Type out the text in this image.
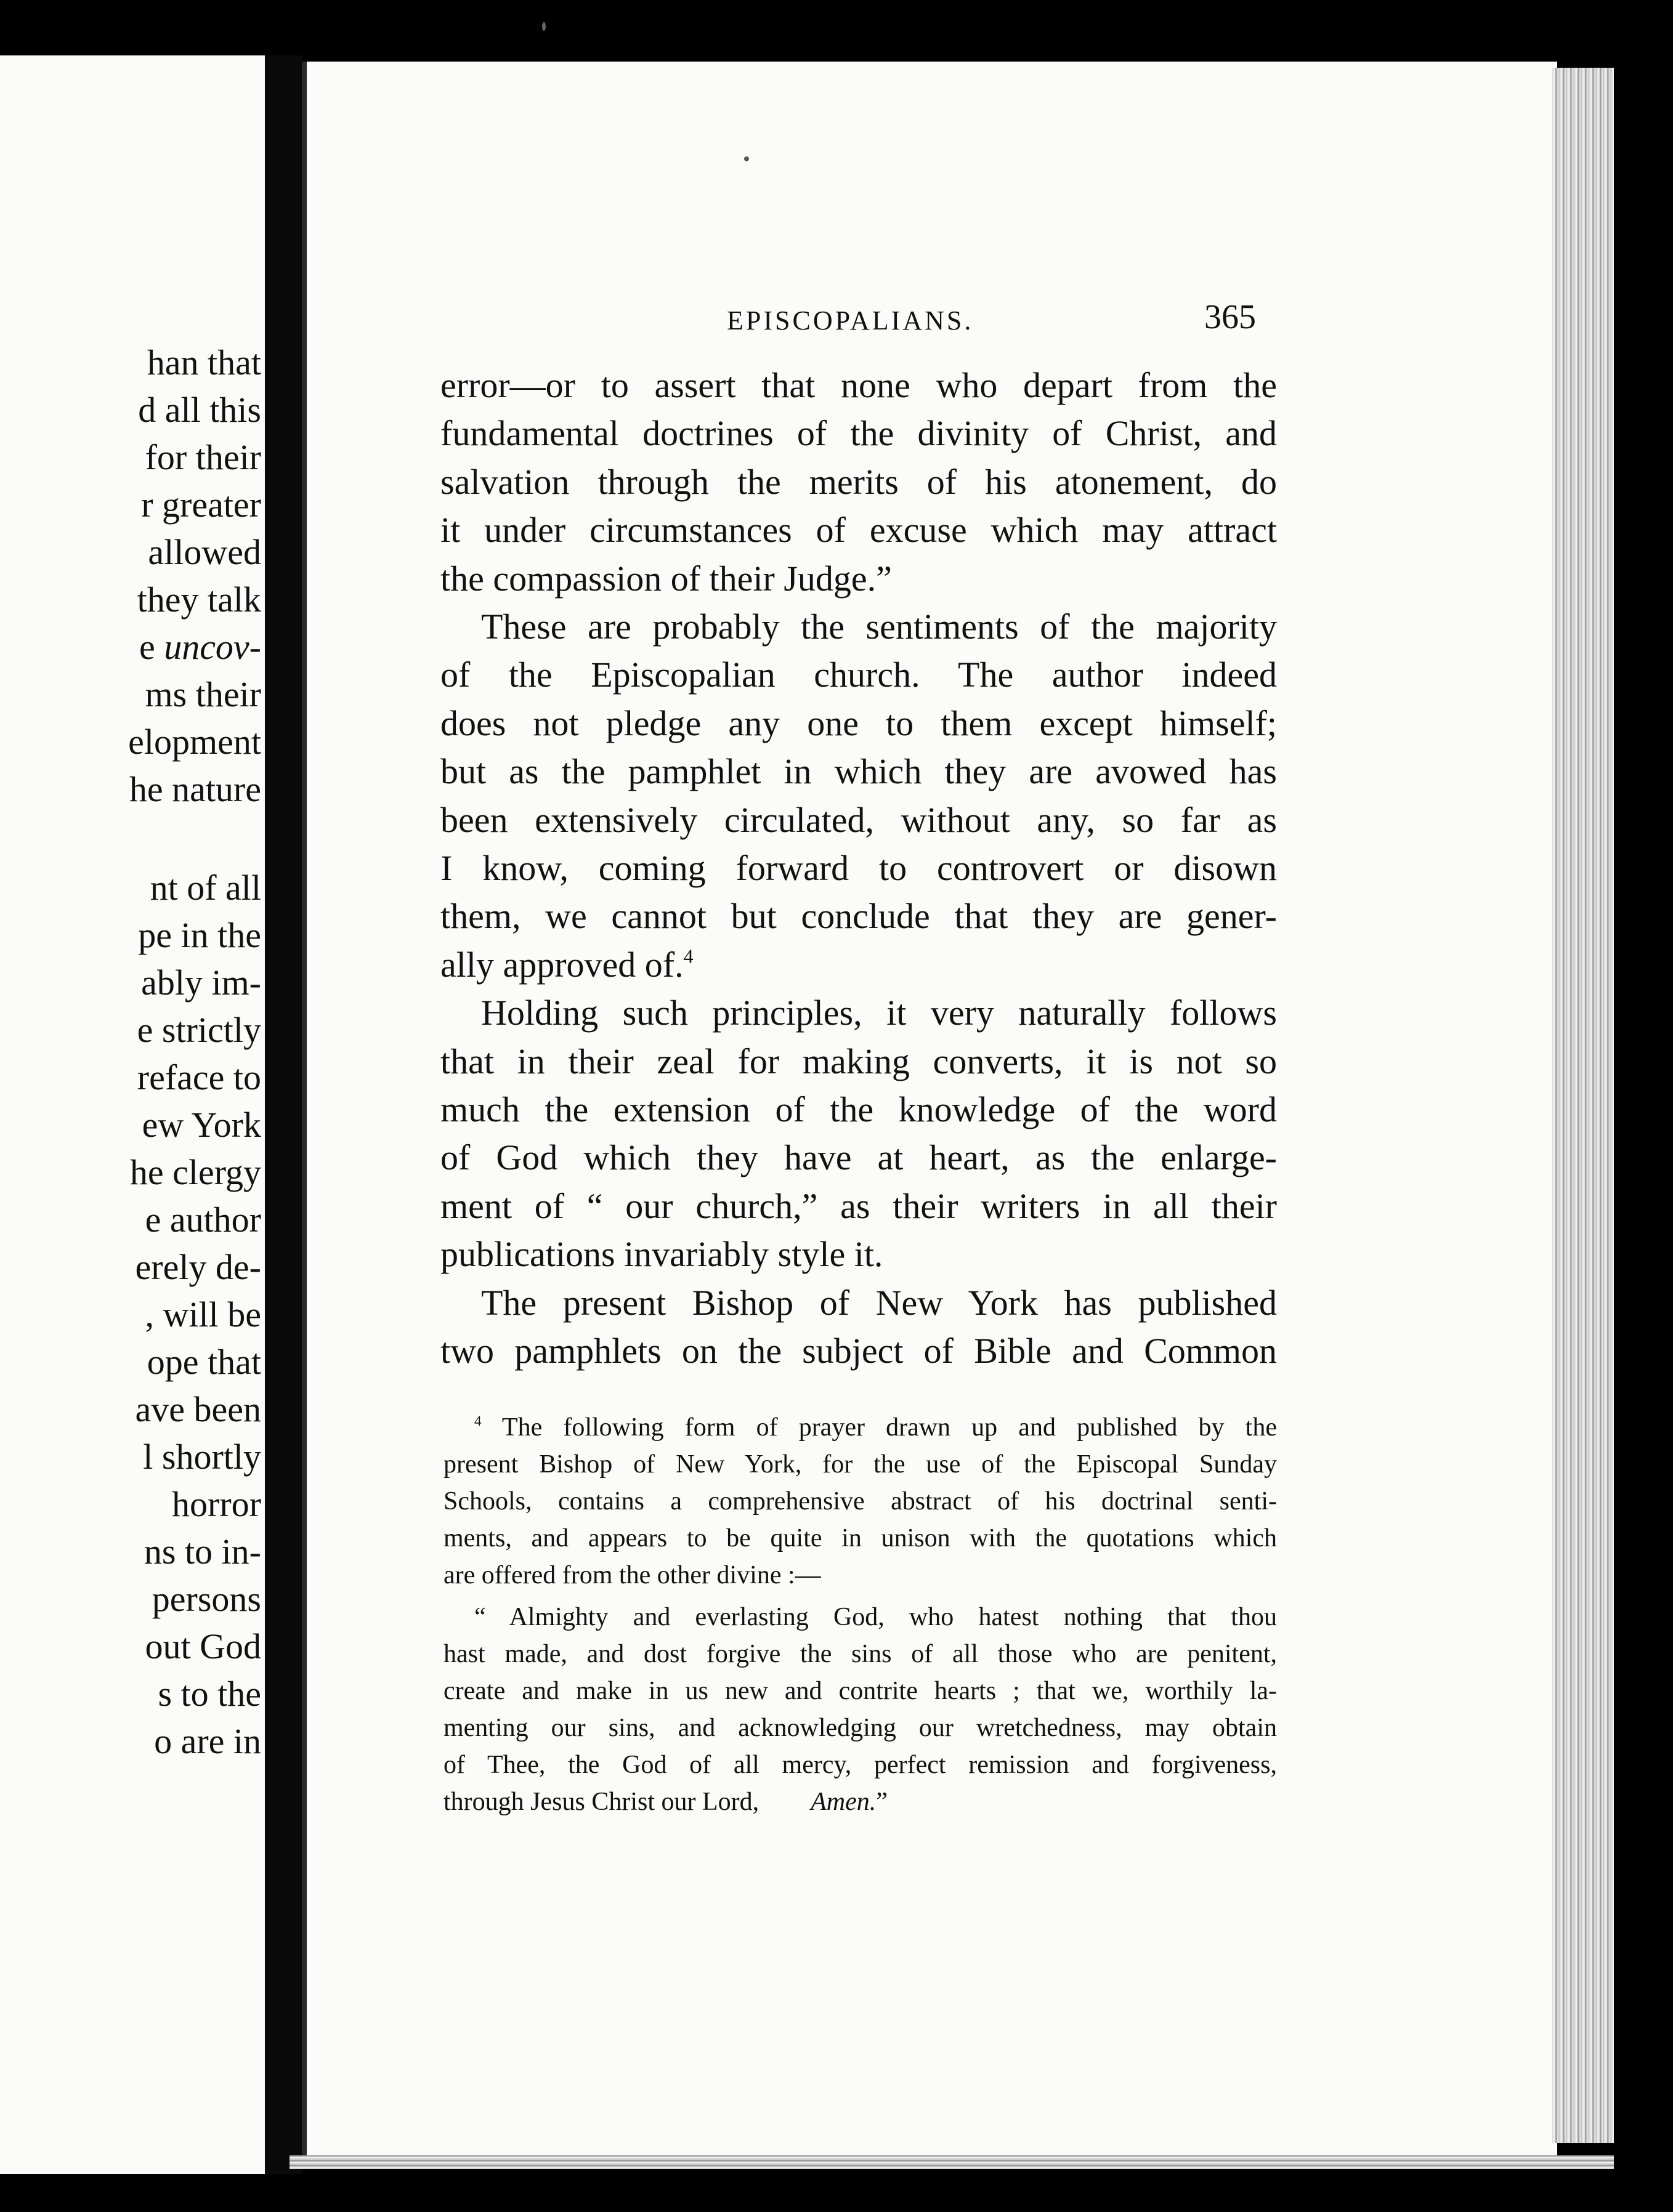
han that
d all this
for their
r greater
allowed
they talk
e uncov-
ms their
elopment
he nature
nt of all
pe in the
ably im-
e strictly
reface to
ew York
he clergy
e author
erely de-
, will be
ope that
ave been
l shortly
horror
ns to in-
persons
out God
s to the
o are in
EPISCOPALIANS.	365
error—or to assert that none who depart from the
fundamental doctrines of the divinity of Christ, and
salvation through the merits of his atonement, do
it under circumstances of excuse which may attract
the compassion of their Judge.”
These are probably the sentiments of the majority
of the Episcopalian church. The author indeed
does not pledge any one to them except himself;
but as the pamphlet in which they are avowed has
been extensively circulated, without any, so far as
I know, coming forward to controvert or disown
them, we cannot but conclude that they are gener-
ally approved of.$^4$
Holding such principles, it very naturally follows
that in their zeal for making converts, it is not so
much the extension of the knowledge of the word
of God which they have at heart, as the enlarge-
ment of “ our church,” as their writers in all their
publications invariably style it.
The present Bishop of New York has published
two pamphlets on the subject of Bible and Common
$^4$ The following form of prayer drawn up and published by the
present Bishop of New York, for the use of the Episcopal Sunday
Schools, contains a comprehensive abstract of his doctrinal senti-
ments, and appears to be quite in unison with the quotations which
are offered from the other divine :—
“ Almighty and everlasting God, who hatest nothing that thou
hast made, and dost forgive the sins of all those who are penitent,
create and make in us new and contrite hearts ; that we, worthily la-
menting our sins, and acknowledging our wretchedness, may obtain
of Thee, the God of all mercy, perfect remission and forgiveness,
through Jesus Christ our Lord,   Amen.”
